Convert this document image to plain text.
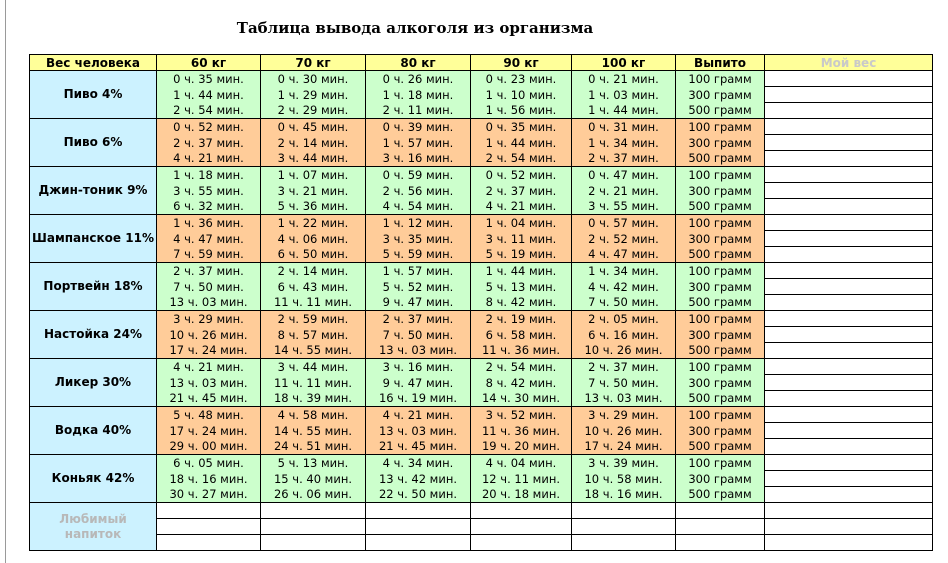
Таблица вывода алкоголя из организма
Вес человека	60 кг	70 кг	80 кг	90 кг	100 кг	Выпито	Мой вес
Пиво 4%	0 ч. 35 мин.	0 ч. 30 мин.	0 ч. 26 мин.	0 ч. 23 мин.	0 ч. 21 мин.	100 грамм	
	1 ч. 44 мин.	1 ч. 29 мин.	1 ч. 18 мин.	1 ч. 10 мин.	1 ч. 03 мин.	300 грамм	
	2 ч. 54 мин.	2 ч. 29 мин.	2 ч. 11 мин.	1 ч. 56 мин.	1 ч. 44 мин.	500 грамм	
Пиво 6%	0 ч. 52 мин.	0 ч. 45 мин.	0 ч. 39 мин.	0 ч. 35 мин.	0 ч. 31 мин.	100 грамм	
	2 ч. 37 мин.	2 ч. 14 мин.	1 ч. 57 мин.	1 ч. 44 мин.	1 ч. 34 мин.	300 грамм	
	4 ч. 21 мин.	3 ч. 44 мин.	3 ч. 16 мин.	2 ч. 54 мин.	2 ч. 37 мин.	500 грамм	
Джин-тоник 9%	1 ч. 18 мин.	1 ч. 07 мин.	0 ч. 59 мин.	0 ч. 52 мин.	0 ч. 47 мин.	100 грамм	
	3 ч. 55 мин.	3 ч. 21 мин.	2 ч. 56 мин.	2 ч. 37 мин.	2 ч. 21 мин.	300 грамм	
	6 ч. 32 мин.	5 ч. 36 мин.	4 ч. 54 мин.	4 ч. 21 мин.	3 ч. 55 мин.	500 грамм	
Шампанское 11%	1 ч. 36 мин.	1 ч. 22 мин.	1 ч. 12 мин.	1 ч. 04 мин.	0 ч. 57 мин.	100 грамм	
	4 ч. 47 мин.	4 ч. 06 мин.	3 ч. 35 мин.	3 ч. 11 мин.	2 ч. 52 мин.	300 грамм	
	7 ч. 59 мин.	6 ч. 50 мин.	5 ч. 59 мин.	5 ч. 19 мин.	4 ч. 47 мин.	500 грамм	
Портвейн 18%	2 ч. 37 мин.	2 ч. 14 мин.	1 ч. 57 мин.	1 ч. 44 мин.	1 ч. 34 мин.	100 грамм	
	7 ч. 50 мин.	6 ч. 43 мин.	5 ч. 52 мин.	5 ч. 13 мин.	4 ч. 42 мин.	300 грамм	
	13 ч. 03 мин.	11 ч. 11 мин.	9 ч. 47 мин.	8 ч. 42 мин.	7 ч. 50 мин.	500 грамм	
Настойка 24%	3 ч. 29 мин.	2 ч. 59 мин.	2 ч. 37 мин.	2 ч. 19 мин.	2 ч. 05 мин.	100 грамм	
	10 ч. 26 мин.	8 ч. 57 мин.	7 ч. 50 мин.	6 ч. 58 мин.	6 ч. 16 мин.	300 грамм	
	17 ч. 24 мин.	14 ч. 55 мин.	13 ч. 03 мин.	11 ч. 36 мин.	10 ч. 26 мин.	500 грамм	
Ликер 30%	4 ч. 21 мин.	3 ч. 44 мин.	3 ч. 16 мин.	2 ч. 54 мин.	2 ч. 37 мин.	100 грамм	
	13 ч. 03 мин.	11 ч. 11 мин.	9 ч. 47 мин.	8 ч. 42 мин.	7 ч. 50 мин.	300 грамм	
	21 ч. 45 мин.	18 ч. 39 мин.	16 ч. 19 мин.	14 ч. 30 мин.	13 ч. 03 мин.	500 грамм	
Водка 40%	5 ч. 48 мин.	4 ч. 58 мин.	4 ч. 21 мин.	3 ч. 52 мин.	3 ч. 29 мин.	100 грамм	
	17 ч. 24 мин.	14 ч. 55 мин.	13 ч. 03 мин.	11 ч. 36 мин.	10 ч. 26 мин.	300 грамм	
	29 ч. 00 мин.	24 ч. 51 мин.	21 ч. 45 мин.	19 ч. 20 мин.	17 ч. 24 мин.	500 грамм	
Коньяк 42%	6 ч. 05 мин.	5 ч. 13 мин.	4 ч. 34 мин.	4 ч. 04 мин.	3 ч. 39 мин.	100 грамм	
	18 ч. 16 мин.	15 ч. 40 мин.	13 ч. 42 мин.	12 ч. 11 мин.	10 ч. 58 мин.	300 грамм	
	30 ч. 27 мин.	26 ч. 06 мин.	22 ч. 50 мин.	20 ч. 18 мин.	18 ч. 16 мин.	500 грамм	
Любимый напиток							
